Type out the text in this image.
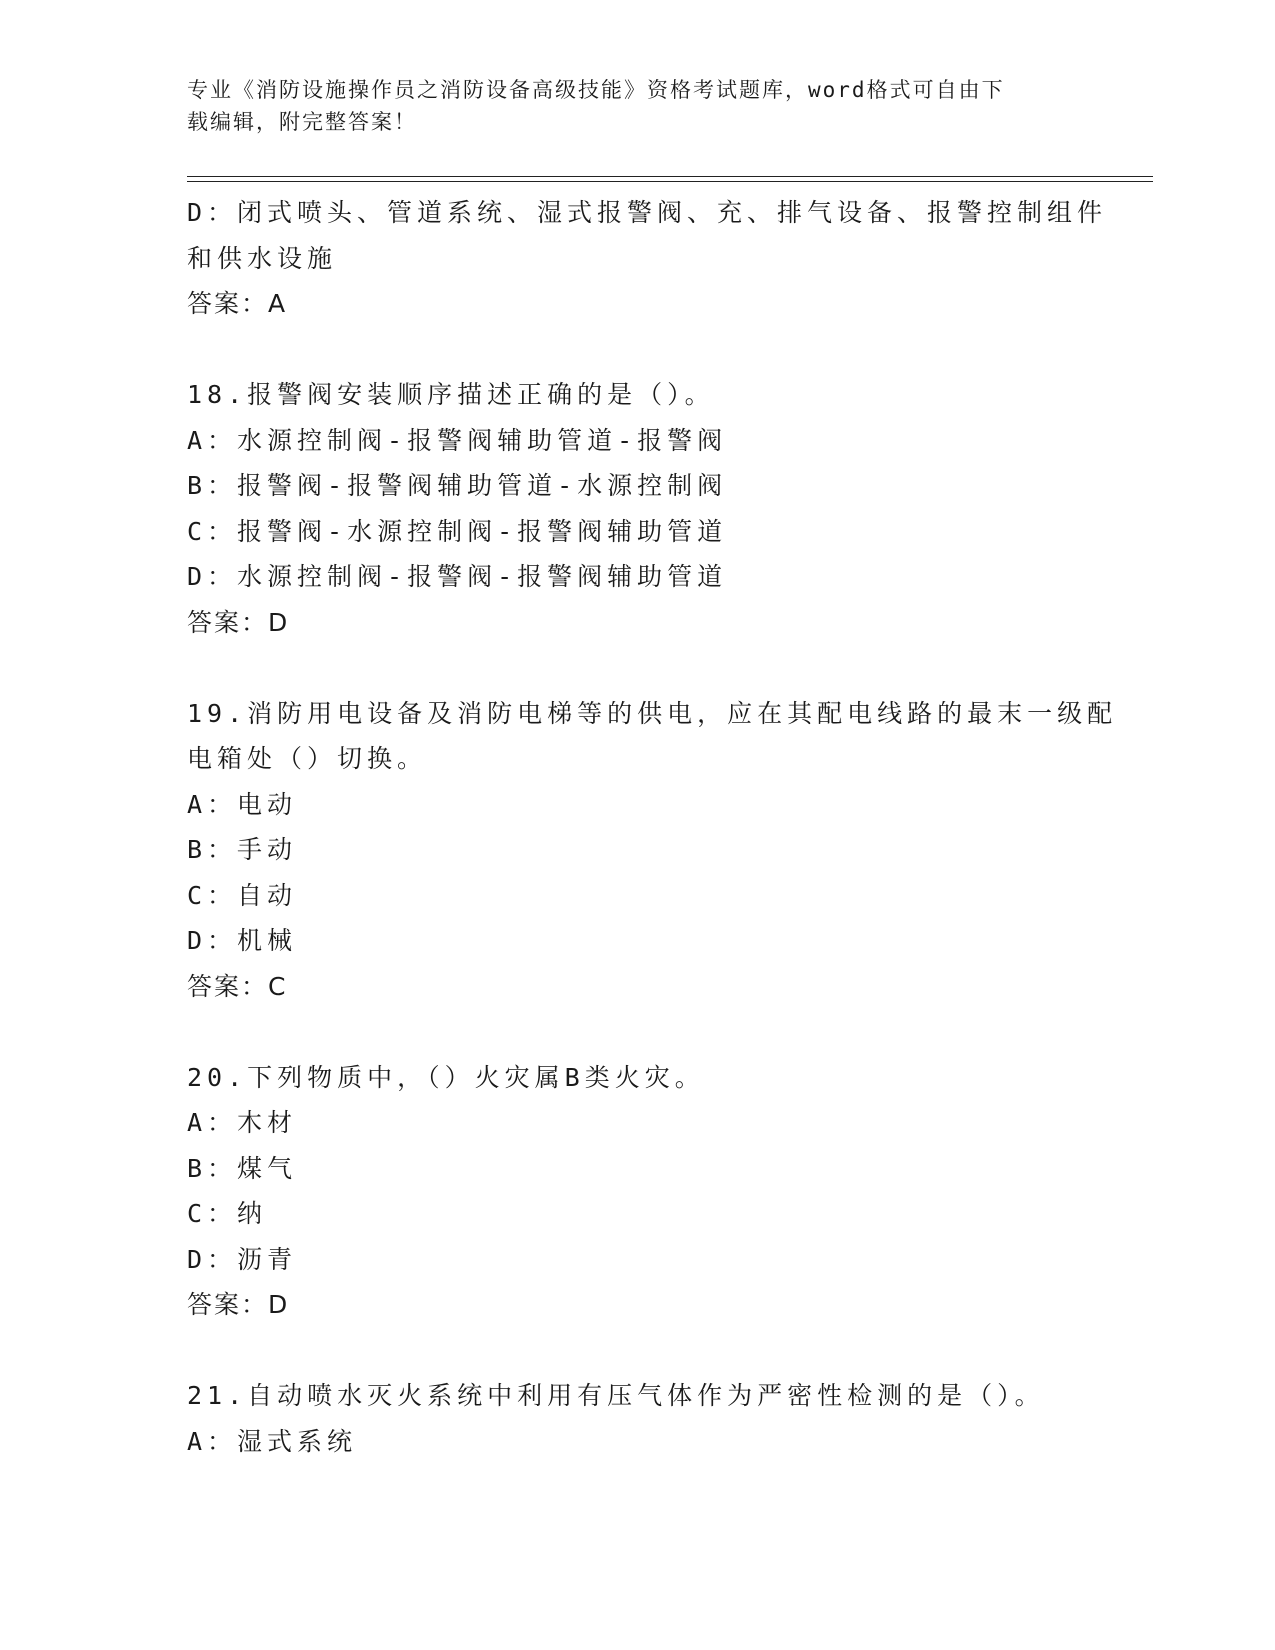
专业《消防设施操作员之消防设备高级技能》资格考试题库，word格式可自由下
载编辑，附完整答案！
D：闭式喷头、管道系统、湿式报警阀、充、排气设备、报警控制组件
和供水设施
答案：A
18.报警阀安装顺序描述正确的是（）。
A：水源控制阀-报警阀辅助管道-报警阀
B：报警阀-报警阀辅助管道-水源控制阀
C：报警阀-水源控制阀-报警阀辅助管道
D：水源控制阀-报警阀-报警阀辅助管道
答案：D
19.消防用电设备及消防电梯等的供电，应在其配电线路的最末一级配
电箱处（）切换。
A：电动
B：手动
C：自动
D：机械
答案：C
20.下列物质中，（）火灾属B类火灾。
A：木材
B：煤气
C：纳
D：沥青
答案：D
21.自动喷水灭火系统中利用有压气体作为严密性检测的是（）。
A：湿式系统
